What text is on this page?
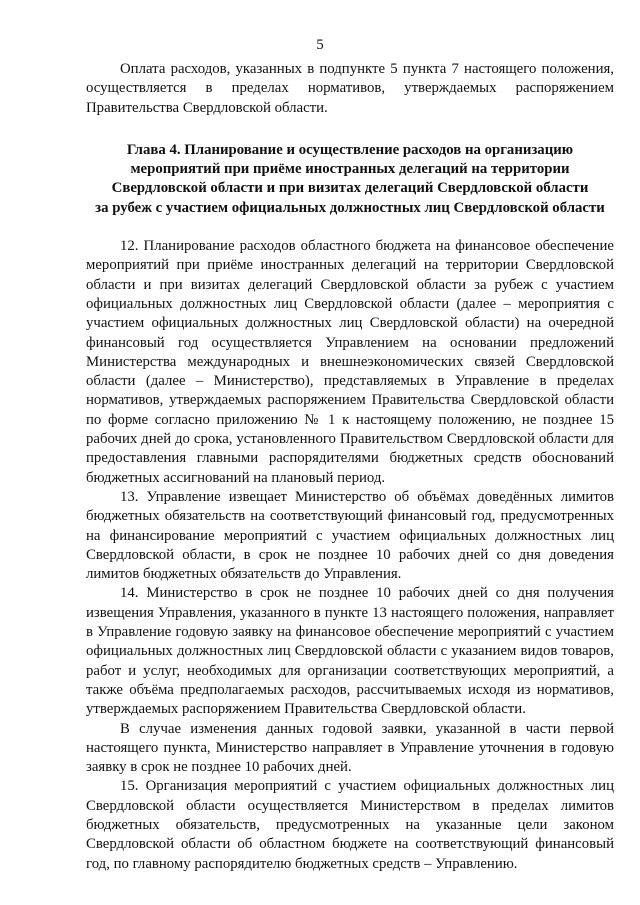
5

Оплата расходов, указанных в подпункте 5 пункта 7 настоящего положения, осуществляется в пределах нормативов, утверждаемых распоряжением Правительства Свердловской области.

Глава 4. Планирование и осуществление расходов на организацию
мероприятий при приёме иностранных делегаций на территории
Свердловской области и при визитах делегаций Свердловской области
за рубеж с участием официальных должностных лиц Свердловской области

12. Планирование расходов областного бюджета на финансовое обеспечение мероприятий при приёме иностранных делегаций на территории Свердловской области и при визитах делегаций Свердловской области за рубеж с участием официальных должностных лиц Свердловской области (далее – мероприятия с участием официальных должностных лиц Свердловской области) на очередной финансовый год осуществляется Управлением на основании предложений Министерства международных и внешнеэкономических связей Свердловской области (далее – Министерство), представляемых в Управление в пределах нормативов, утверждаемых распоряжением Правительства Свердловской области по форме согласно приложению № 1 к настоящему положению, не позднее 15 рабочих дней до срока, установленного Правительством Свердловской области для предоставления главными распорядителями бюджетных средств обоснований бюджетных ассигнований на плановый период.

13. Управление извещает Министерство об объёмах доведённых лимитов бюджетных обязательств на соответствующий финансовый год, предусмотренных на финансирование мероприятий с участием официальных должностных лиц Свердловской области, в срок не позднее 10 рабочих дней со дня доведения лимитов бюджетных обязательств до Управления.

14. Министерство в срок не позднее 10 рабочих дней со дня получения извещения Управления, указанного в пункте 13 настоящего положения, направляет в Управление годовую заявку на финансовое обеспечение мероприятий с участием официальных должностных лиц Свердловской области с указанием видов товаров, работ и услуг, необходимых для организации соответствующих мероприятий, а также объёма предполагаемых расходов, рассчитываемых исходя из нормативов, утверждаемых распоряжением Правительства Свердловской области.

В случае изменения данных годовой заявки, указанной в части первой настоящего пункта, Министерство направляет в Управление уточнения в годовую заявку в срок не позднее 10 рабочих дней.

15. Организация мероприятий с участием официальных должностных лиц Свердловской области осуществляется Министерством в пределах лимитов бюджетных обязательств, предусмотренных на указанные цели законом Свердловской области об областном бюджете на соответствующий финансовый год, по главному распорядителю бюджетных средств – Управлению.
